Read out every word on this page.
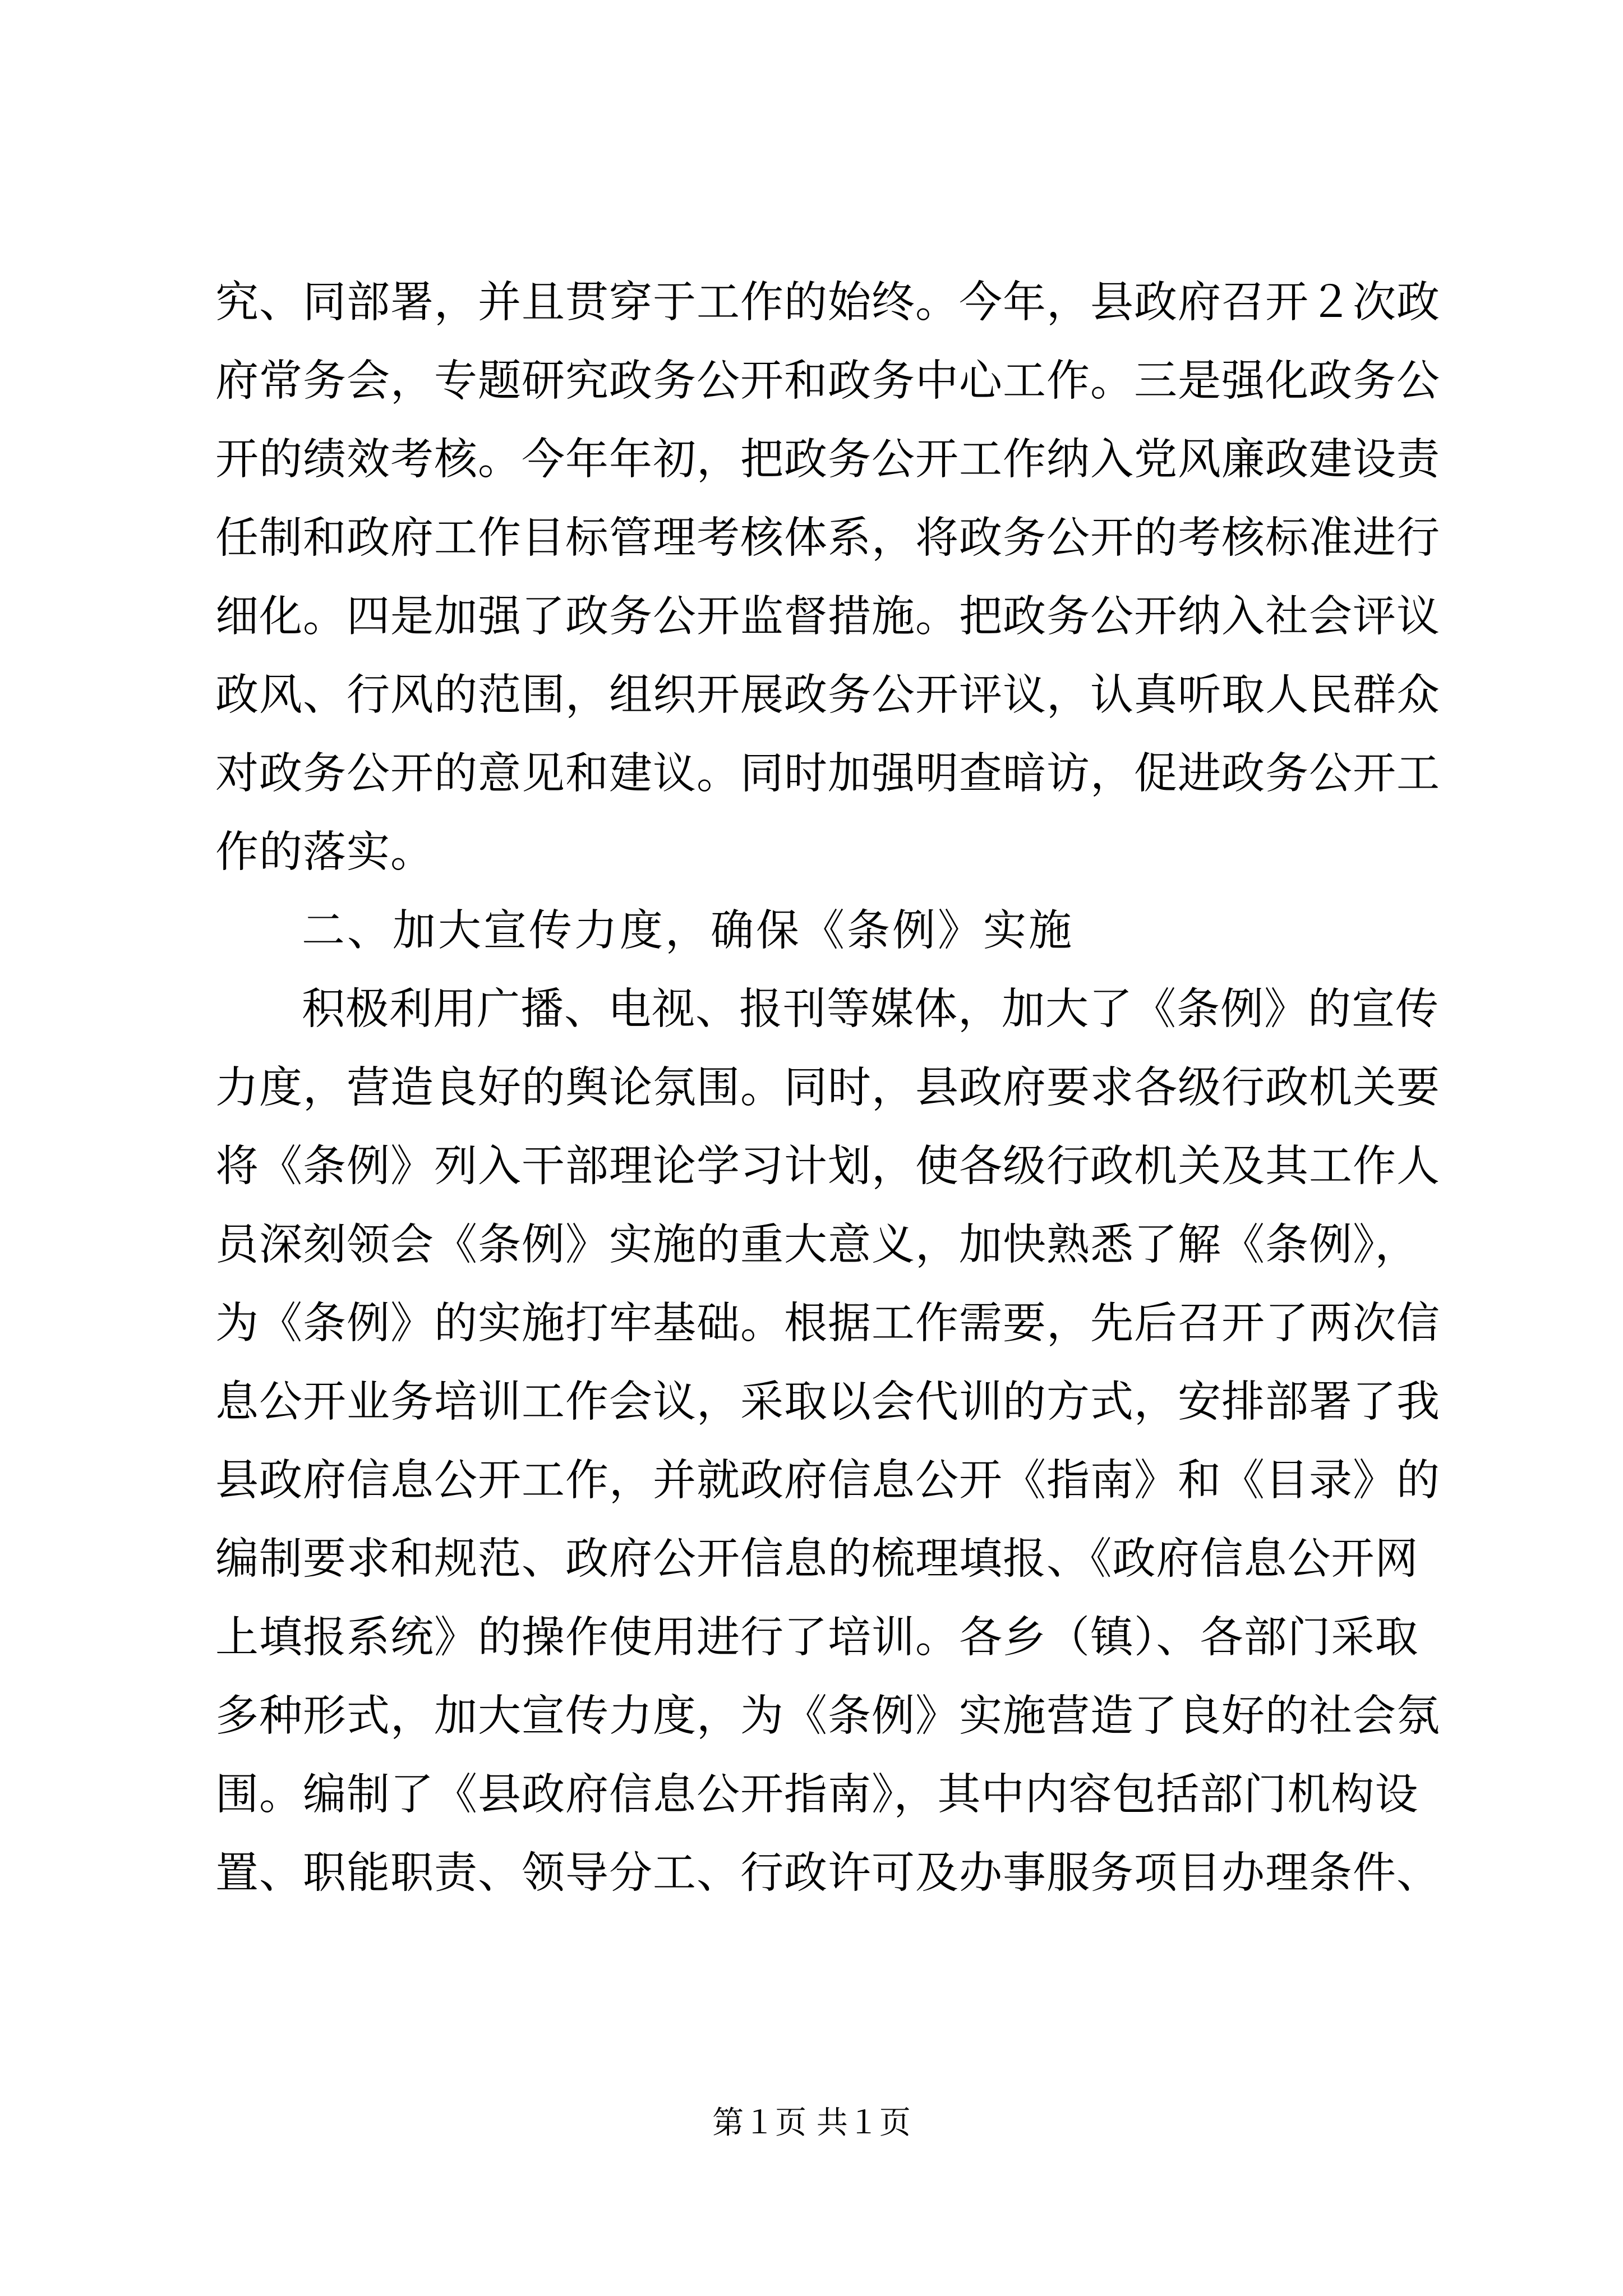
究、同部署，并且贯穿于工作的始终。今年，县政府召开２次政
府常务会，专题研究政务公开和政务中心工作。三是强化政务公
开的绩效考核。今年年初，把政务公开工作纳入党风廉政建设责
任制和政府工作目标管理考核体系，将政务公开的考核标准进行
细化。四是加强了政务公开监督措施。把政务公开纳入社会评议
政风、行风的范围，组织开展政务公开评议，认真听取人民群众
对政务公开的意见和建议。同时加强明查暗访，促进政务公开工
作的落实。
二、加大宣传力度，确保《条例》实施
积极利用广播、电视、报刊等媒体，加大了《条例》的宣传
力度，营造良好的舆论氛围。同时，县政府要求各级行政机关要
将《条例》列入干部理论学习计划，使各级行政机关及其工作人
员深刻领会《条例》实施的重大意义，加快熟悉了解《条例》，
为《条例》的实施打牢基础。根据工作需要，先后召开了两次信
息公开业务培训工作会议，采取以会代训的方式，安排部署了我
县政府信息公开工作，并就政府信息公开《指南》和《目录》的
编制要求和规范、政府公开信息的梳理填报、《政府信息公开网
上填报系统》的操作使用进行了培训。各乡（镇）、各部门采取
多种形式，加大宣传力度，为《条例》实施营造了良好的社会氛
围。编制了《县政府信息公开指南》，其中内容包括部门机构设
置、职能职责、领导分工、行政许可及办事服务项目办理条件、
第１页 共１页
